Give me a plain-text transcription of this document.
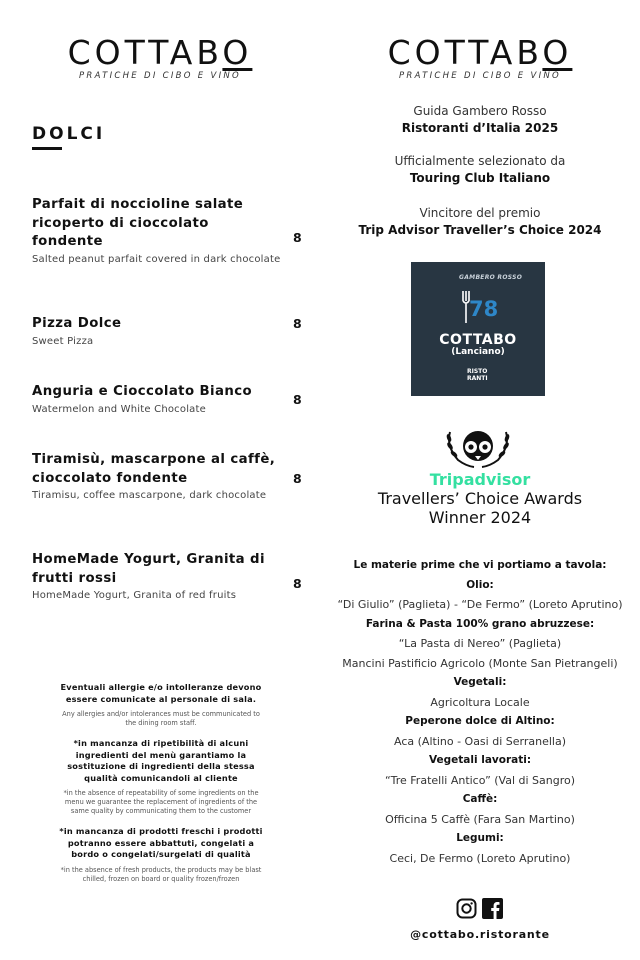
COTTABO
PRATICHE DI CIBO E VINO
COTTABO
PRATICHE DI CIBO E VINO
DOLCI
Parfait di noccioline salate ricoperto di cioccolato fondente
Salted peanut parfait covered in dark chocolate
8
Pizza Dolce
Sweet Pizza
8
Anguria e Cioccolato Bianco
Watermelon and White Chocolate
8
Tiramisù, mascarpone al caffè, cioccolato fondente
Tiramisu, coffee mascarpone, dark chocolate
8
HomeMade Yogurt, Granita di frutti rossi
HomeMade Yogurt, Granita of red fruits
8
Eventuali allergie e/o intolleranze devono essere comunicate al personale di sala.
Any allergies and/or intolerances must be communicated to the dining room staff.
*in mancanza di ripetibilità di alcuni ingredienti del menù garantiamo la sostituzione di ingredienti della stessa qualità comunicandoli al cliente
*in the absence of repeatability of some ingredients on the menu we guarantee the replacement of ingredients of the same quality by communicating them to the customer
*in mancanza di prodotti freschi i prodotti potranno essere abbattuti, congelati a bordo o congelati/surgelati di qualità
*in the absence of fresh products, the products may be blast chilled, frozen on board or quality frozen/frozen
Guida Gambero Rosso
Ristoranti d’Italia 2025
Ufficialmente selezionato da
Touring Club Italiano
Vincitore del premio
Trip Advisor Traveller’s Choice 2024
GAMBERO ROSSO
78
COTTABO
(Lanciano)
RISTO
RANTI
Tripadvisor
Travellers’ Choice Awards
Winner 2024
Le materie prime che vi portiamo a tavola:
Olio:
“Di Giulio” (Paglieta) - “De Fermo” (Loreto Aprutino)
Farina & Pasta 100% grano abruzzese:
“La Pasta di Nereo” (Paglieta)
Mancini Pastificio Agricolo (Monte San Pietrangeli)
Vegetali:
Agricoltura Locale
Peperone dolce di Altino:
Aca (Altino - Oasi di Serranella)
Vegetali lavorati:
“Tre Fratelli Antico” (Val di Sangro)
Caffè:
Officina 5 Caffè (Fara San Martino)
Legumi:
Ceci, De Fermo (Loreto Aprutino)
@cottabo.ristorante
